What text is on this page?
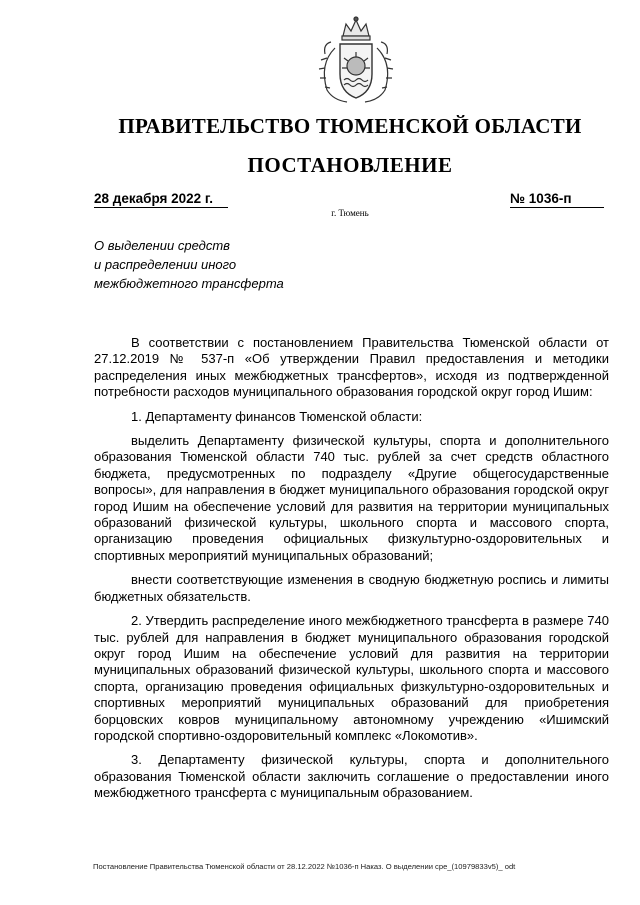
ПРАВИТЕЛЬСТВО ТЮМЕНСКОЙ ОБЛАСТИ
ПОСТАНОВЛЕНИЕ
28 декабря 2022 г.	№ 1036-п
г. Тюмень
О выделении средств
и распределении иного
межбюджетного трансферта

В соответствии с постановлением Правительства Тюменской области от 27.12.2019 № 537-п «Об утверждении Правил предоставления и методики распределения иных межбюджетных трансфертов», исходя из подтвержденной потребности расходов муниципального образования городской округ город Ишим:

1. Департаменту финансов Тюменской области:

выделить Департаменту физической культуры, спорта и дополнительного образования Тюменской области 740 тыс. рублей за счет средств областного бюджета, предусмотренных по подразделу «Другие общегосударственные вопросы», для направления в бюджет муниципального образования городской округ город Ишим на обеспечение условий для развития на территории муниципальных образований физической культуры, школьного спорта и массового спорта, организацию проведения официальных физкультурно-оздоровительных и спортивных мероприятий муниципальных образований;

внести соответствующие изменения в сводную бюджетную роспись и лимиты бюджетных обязательств.

2. Утвердить распределение иного межбюджетного трансферта в размере 740 тыс. рублей для направления в бюджет муниципального образования городской округ город Ишим на обеспечение условий для развития на территории муниципальных образований физической культуры, школьного спорта и массового спорта, организацию проведения официальных физкультурно-оздоровительных и спортивных мероприятий муниципальных образований для приобретения борцовских ковров муниципальному автономному учреждению «Ишимский городской спортивно-оздоровительный комплекс «Локомотив».

3. Департаменту физической культуры, спорта и дополнительного образования Тюменской области заключить соглашение о предоставлении иного межбюджетного трансферта с муниципальным образованием.

Постановление Правительства Тюменской области от 28.12.2022 №1036-п Наказ. О выделении сре_(10979833v5)_ odt
